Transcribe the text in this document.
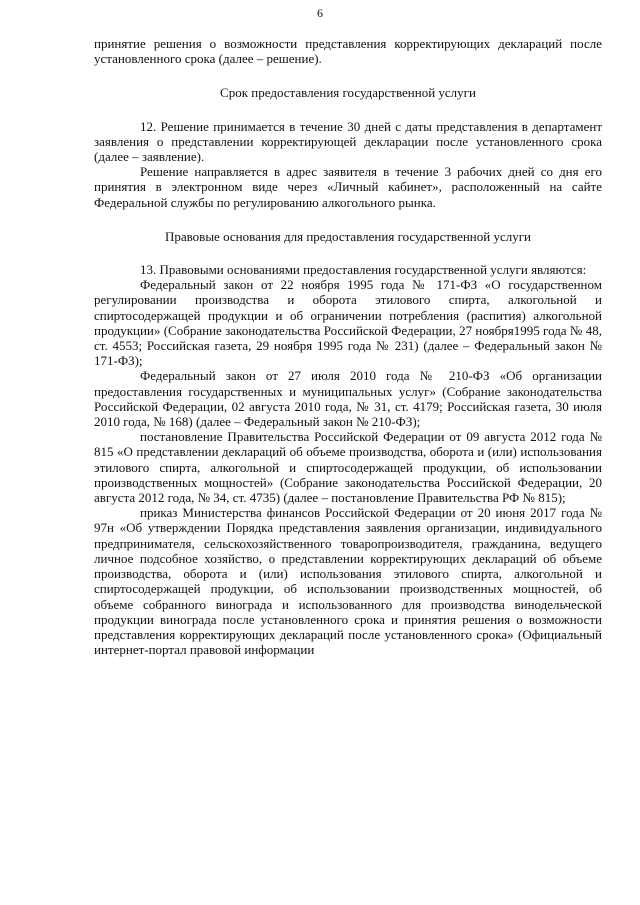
6

принятие решения о возможности представления корректирующих деклараций после установленного срока (далее – решение).

Срок предоставления государственной услуги

12. Решение принимается в течение 30 дней с даты представления в департамент заявления о представлении корректирующей декларации после установленного срока (далее – заявление).

Решение направляется в адрес заявителя в течение 3 рабочих дней со дня его принятия в электронном виде через «Личный кабинет», расположенный на сайте Федеральной службы по регулированию алкогольного рынка.

Правовые основания для предоставления государственной услуги

13. Правовыми основаниями предоставления государственной услуги являются:

Федеральный закон от 22 ноября 1995 года № 171-ФЗ «О государственном регулировании производства и оборота этилового спирта, алкогольной и спиртосодержащей продукции и об ограничении потребления (распития) алкогольной продукции» (Собрание законодательства Российской Федерации, 27 ноября1995 года № 48, ст. 4553; Российская газета, 29 ноября 1995 года № 231) (далее – Федеральный закон № 171-ФЗ);

Федеральный закон от 27 июля 2010 года № 210-ФЗ «Об организации предоставления государственных и муниципальных услуг» (Собрание законодательства Российской Федерации, 02 августа 2010 года, № 31, ст. 4179; Российская газета, 30 июля 2010 года, № 168) (далее – Федеральный закон № 210-ФЗ);

постановление Правительства Российской Федерации от 09 августа 2012 года № 815 «О представлении деклараций об объеме производства, оборота и (или) использования этилового спирта, алкогольной и спиртосодержащей продукции, об использовании производственных мощностей» (Собрание законодательства Российской Федерации, 20 августа 2012 года, № 34, ст. 4735) (далее – постановление Правительства РФ № 815);

приказ Министерства финансов Российской Федерации от 20 июня 2017 года № 97н «Об утверждении Порядка представления заявления организации, индивидуального предпринимателя, сельскохозяйственного товаропроизводителя, гражданина, ведущего личное подсобное хозяйство, о представлении корректирующих деклараций об объеме производства, оборота и (или) использования этилового спирта, алкогольной и спиртосодержащей продукции, об использовании производственных мощностей, об объеме собранного винограда и использованного для производства винодельческой продукции винограда после установленного срока и принятия решения о возможности представления корректирующих деклараций после установленного срока» (Официальный интернет-портал правовой информации
